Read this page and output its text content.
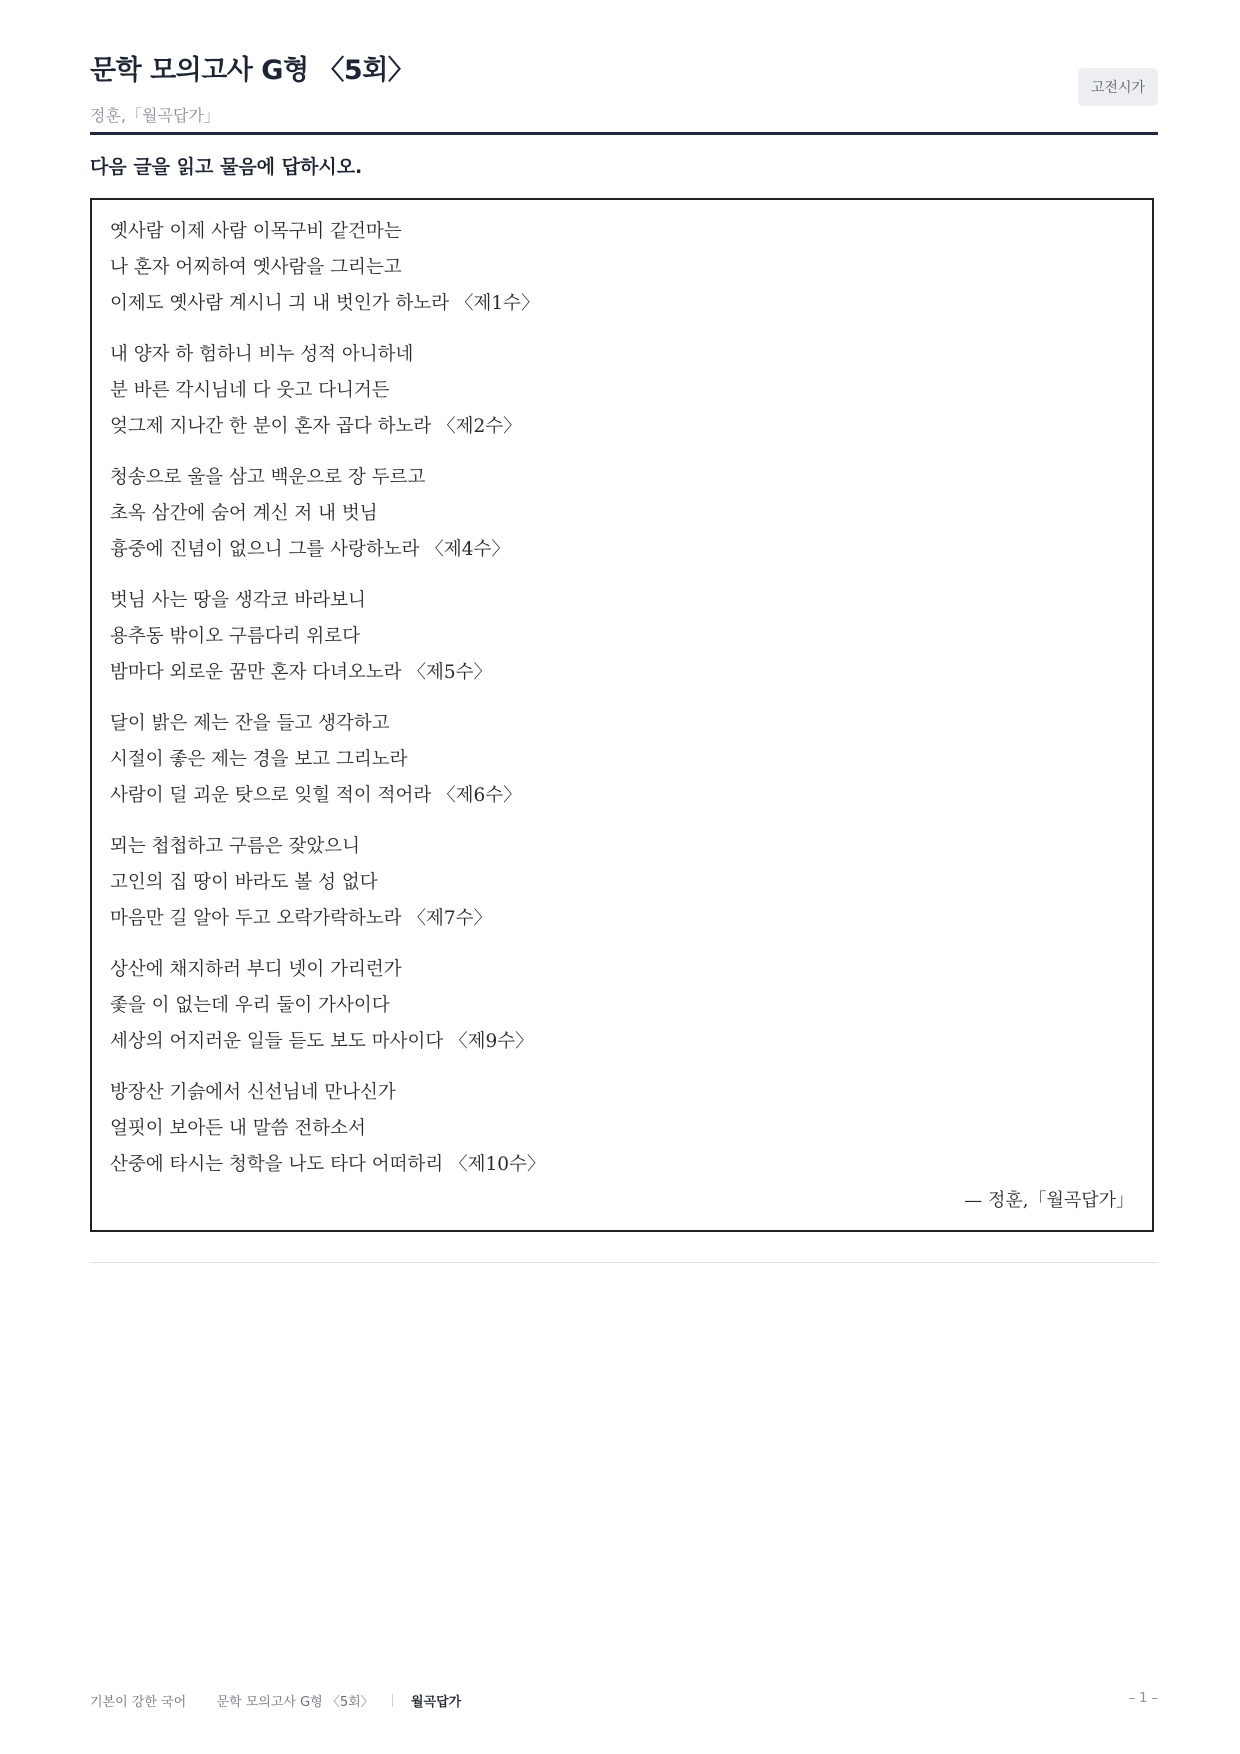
문학 모의고사 G형 〈5회〉
정훈,「월곡답가」
고전시가
다음 글을 읽고 물음에 답하시오.
옛사람 이제 사람 이목구비 같건마는
나 혼자 어찌하여 옛사람을 그리는고
이제도 옛사람 계시니 긔 내 벗인가 하노라 〈제1수〉
내 양자 하 험하니 비누 성적 아니하네
분 바른 각시님네 다 웃고 다니거든
엊그제 지나간 한 분이 혼자 곱다 하노라 〈제2수〉
청송으로 울을 삼고 백운으로 장 두르고
초옥 삼간에 숨어 계신 저 내 벗님
흉중에 진념이 없으니 그를 사랑하노라 〈제4수〉
벗님 사는 땅을 생각코 바라보니
용추동 밖이오 구름다리 위로다
밤마다 외로운 꿈만 혼자 다녀오노라 〈제5수〉
달이 밝은 제는 잔을 들고 생각하고
시절이 좋은 제는 경을 보고 그리노라
사람이 덜 괴운 탓으로 잊힐 적이 적어라 〈제6수〉
뫼는 첩첩하고 구름은 잦았으니
고인의 집 땅이 바라도 볼 성 없다
마음만 길 알아 두고 오락가락하노라 〈제7수〉
상산에 채지하러 부디 넷이 가리런가
좇을 이 없는데 우리 둘이 가사이다
세상의 어지러운 일들 듣도 보도 마사이다 〈제9수〉
방장산 기슭에서 신선님네 만나신가
얼핏이 보아든 내 말씀 전하소서
산중에 타시는 청학을 나도 타다 어떠하리 〈제10수〉
— 정훈,「월곡답가」
기본이 강한 국어 문학 모의고사 G형 〈5회〉	월곡답가	– 1 –
